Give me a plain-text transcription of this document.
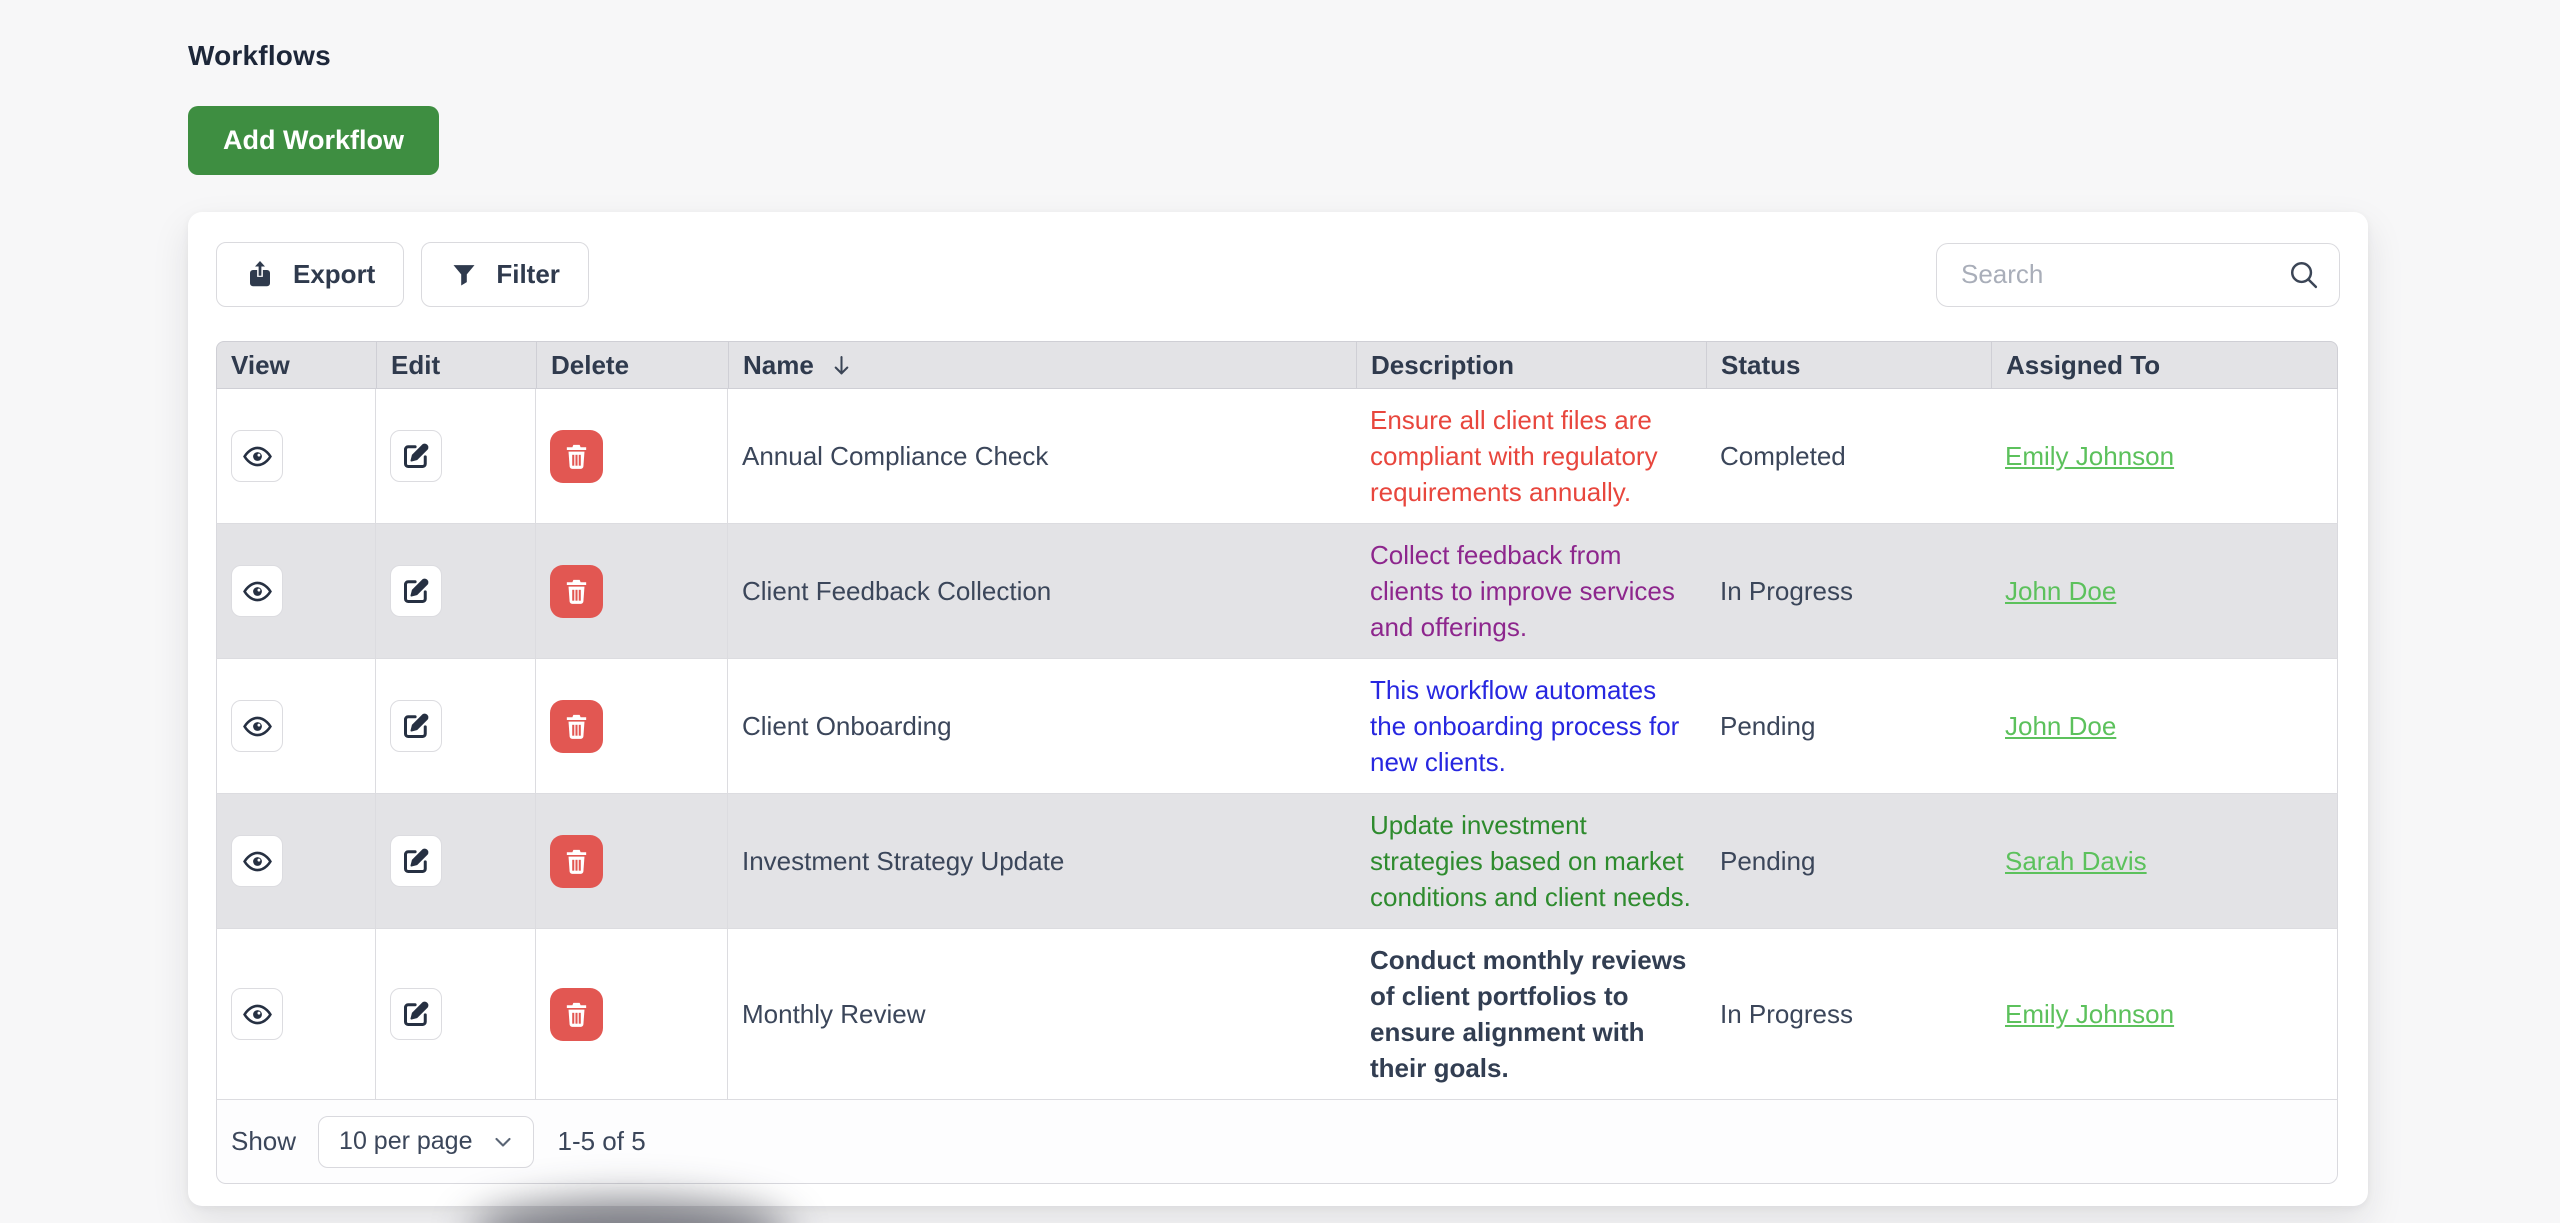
Workflows
Add Workflow
Export	Filter
Search
View	Edit	Delete	Name	Description	Status	Assigned To

	Annual Compliance Check	Ensure all client files are compliant with regulatory requirements annually.	Completed	Emily Johnson

	Client Feedback Collection	Collect feedback from clients to improve services and offerings.	In Progress	John Doe

	Client Onboarding	This workflow automates the onboarding process for new clients.	Pending	John Doe

	Investment Strategy Update	Update investment strategies based on market conditions and client needs.	Pending	Sarah Davis

	Monthly Review	Conduct monthly reviews of client portfolios to ensure alignment with their goals.	In Progress	Emily Johnson
Show 10 per page	1-5 of 5
